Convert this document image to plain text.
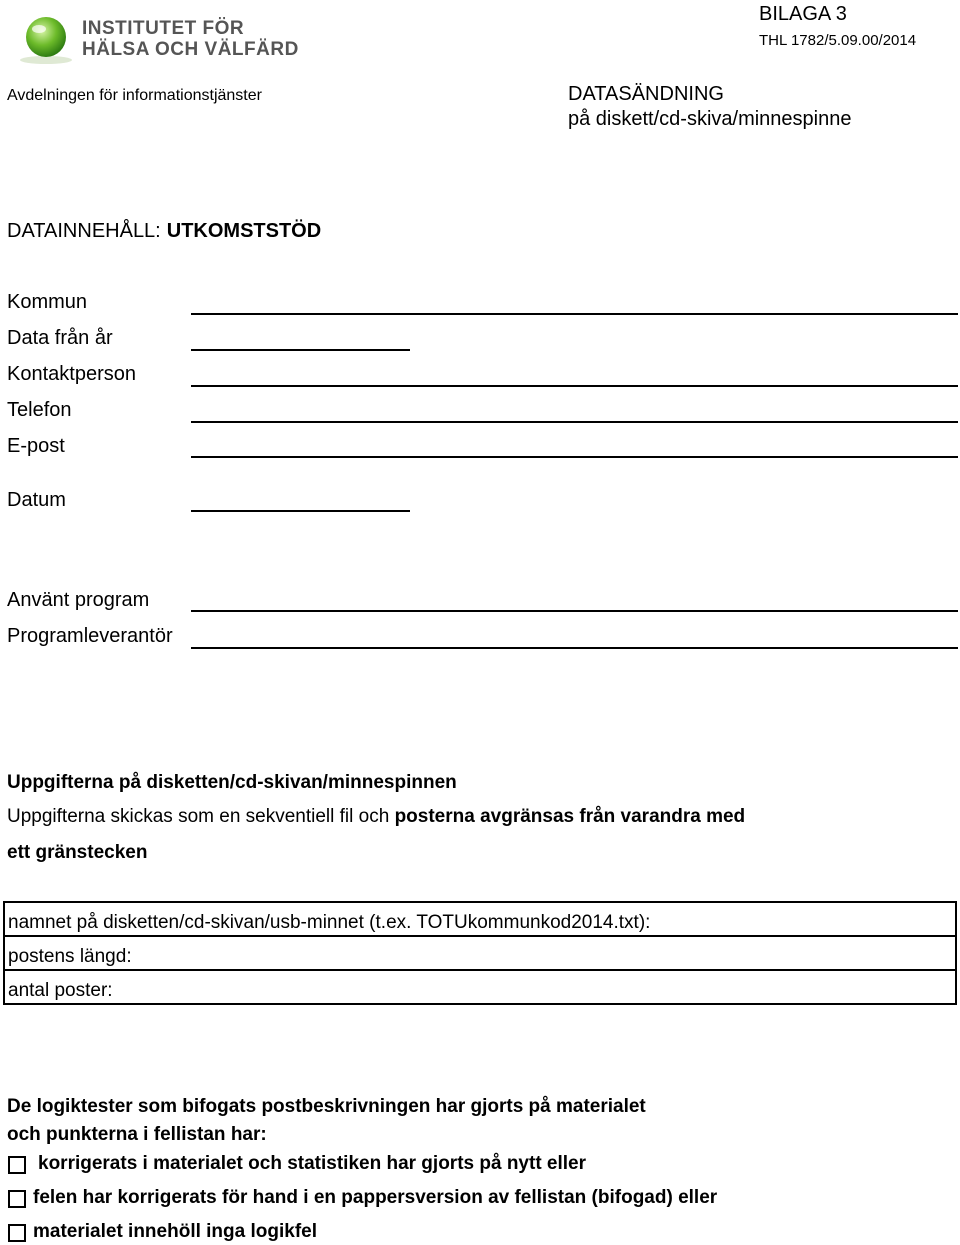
INSTITUTET FÖR
HÄLSA OCH VÄLFÄRD
BILAGA 3
THL 1782/5.09.00/2014
Avdelningen för informationstjänster	DATASÄNDNING
på diskett/cd-skiva/minnespinne
DATAINNEHÅLL: UTKOMSTSTÖD
Kommun
Data från år
Kontaktperson
Telefon
E-post
Datum
Använt program
Programleverantör
Uppgifterna på disketten/cd-skivan/minnespinnen
Uppgifterna skickas som en sekventiell fil och posterna avgränsas från varandra med
ett gränstecken
namnet på disketten/cd-skivan/usb-minnet (t.ex. TOTUkommunkod2014.txt):
postens längd:
antal poster:
De logiktester som bifogats postbeskrivningen har gjorts på materialet
och punkterna i fellistan har:
korrigerats i materialet och statistiken har gjorts på nytt eller
felen har korrigerats för hand i en pappersversion av fellistan (bifogad) eller
materialet innehöll inga logikfel
